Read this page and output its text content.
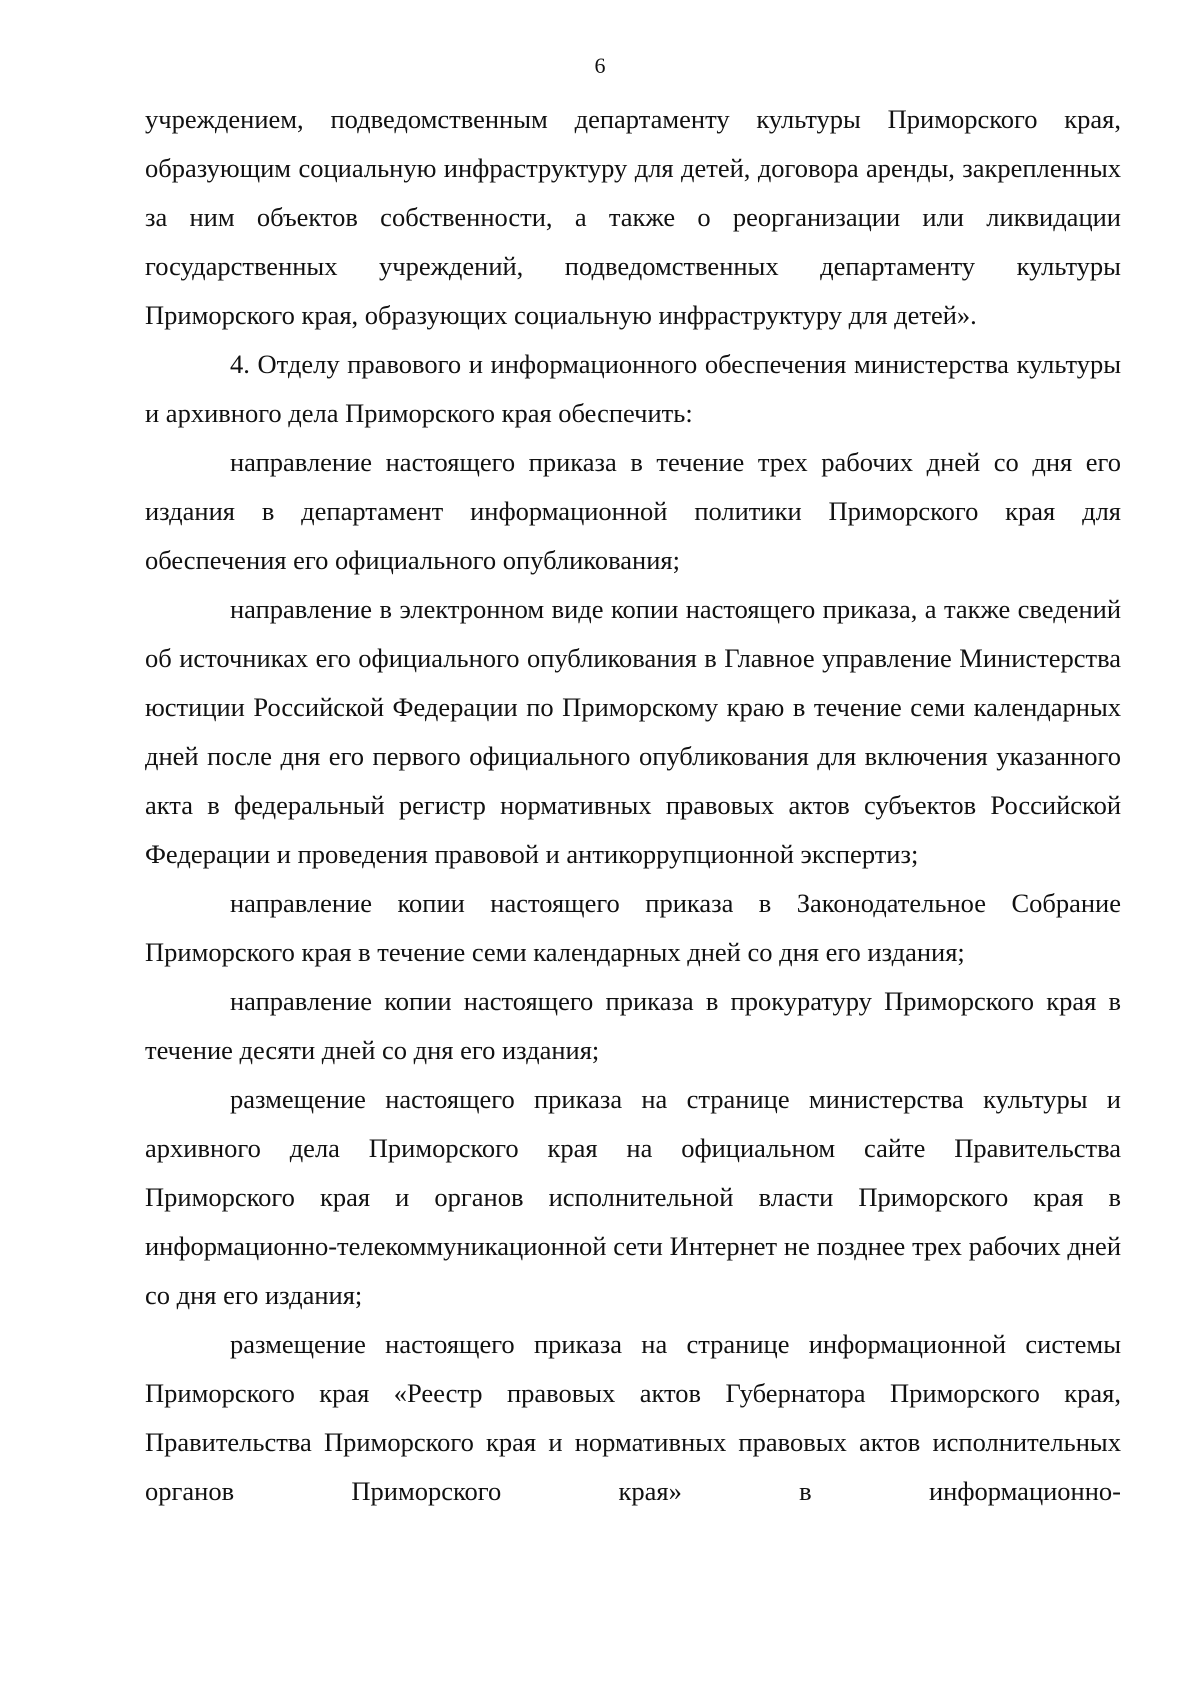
6

учреждением, подведомственным департаменту культуры Приморского края, образующим социальную инфраструктуру для детей, договора аренды, закрепленных за ним объектов собственности, а также о реорганизации или ликвидации государственных учреждений, подведомственных департаменту культуры Приморского края, образующих социальную инфраструктуру для детей».

4. Отделу правового и информационного обеспечения министерства культуры и архивного дела Приморского края обеспечить:

направление настоящего приказа в течение трех рабочих дней со дня его издания в департамент информационной политики Приморского края для обеспечения его официального опубликования;

направление в электронном виде копии настоящего приказа, а также сведений об источниках его официального опубликования в Главное управление Министерства юстиции Российской Федерации по Приморскому краю в течение семи календарных дней после дня его первого официального опубликования для включения указанного акта в федеральный регистр нормативных правовых актов субъектов Российской Федерации и проведения правовой и антикоррупционной экспертиз;

направление копии настоящего приказа в Законодательное Собрание Приморского края в течение семи календарных дней со дня его издания;

направление копии настоящего приказа в прокуратуру Приморского края в течение десяти дней со дня его издания;

размещение настоящего приказа на странице министерства культуры и архивного дела Приморского края на официальном сайте Правительства Приморского края и органов исполнительной власти Приморского края в информационно-телекоммуникационной сети Интернет не позднее трех рабочих дней со дня его издания;

размещение настоящего приказа на странице информационной системы Приморского края «Реестр правовых актов Губернатора Приморского края, Правительства Приморского края и нормативных правовых актов исполнительных органов Приморского края» в информационно-
